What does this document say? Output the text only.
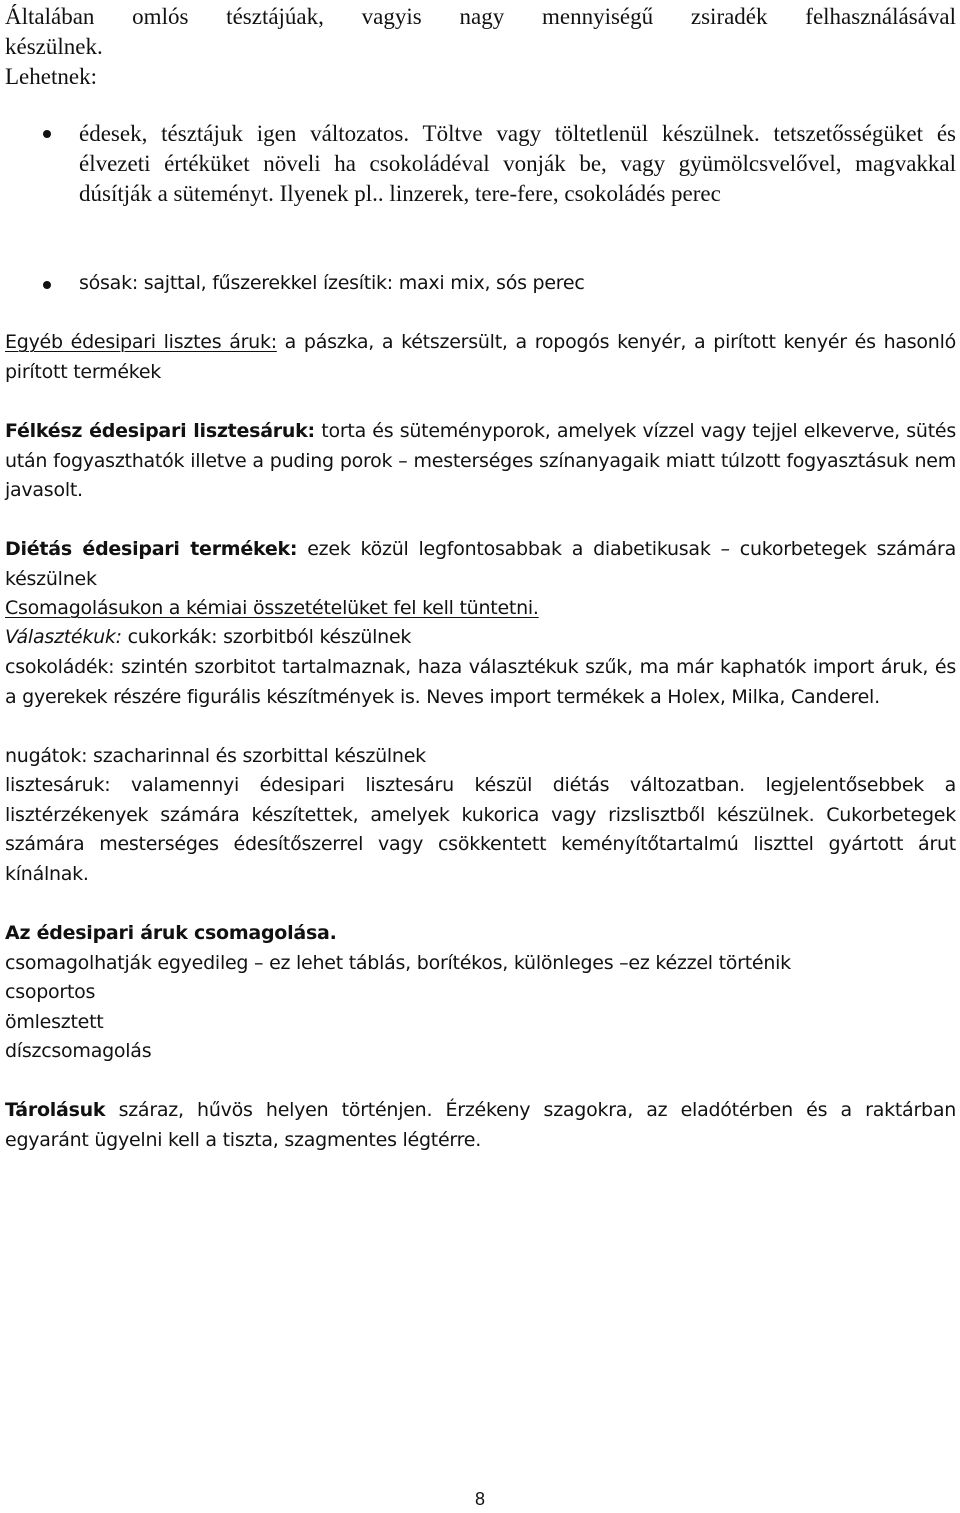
Általában omlós tésztájúak, vagyis nagy mennyiségű zsiradék felhasználásával

készülnek.

Lehetnek:

édesek, tésztájuk igen változatos. Töltve vagy töltetlenül készülnek. tetszetősségüket és élvezeti értéküket növeli ha csokoládéval vonják be, vagy gyümölcsvelővel, magvakkal dúsítják a süteményt. Ilyenek pl.. linzerek, tere-fere, csokoládés perec

sósak: sajttal, fűszerekkel ízesítik: maxi mix, sós perec

Egyéb édesipari lisztes áruk: a pászka, a kétszersült, a ropogós kenyér, a pirított kenyér és hasonló pirított termékek

Félkész édesipari lisztesáruk: torta és süteményporok, amelyek vízzel vagy tejjel elkeverve, sütés után fogyaszthatók illetve a puding porok – mesterséges színanyagaik miatt túlzott fogyasztásuk nem javasolt.

Diétás édesipari termékek: ezek közül legfontosabbak a diabetikusak – cukorbetegek számára készülnek

Csomagolásukon a kémiai összetételüket fel kell tüntetni.

Választékuk: cukorkák: szorbitból készülnek

csokoládék: szintén szorbitot tartalmaznak, haza választékuk szűk, ma már kaphatók import áruk, és a gyerekek részére figurális készítmények is. Neves import termékek a Holex, Milka, Canderel.

nugátok: szacharinnal és szorbittal készülnek

lisztesáruk: valamennyi édesipari lisztesáru készül diétás változatban. legjelentősebbek a lisztérzékenyek számára készítettek, amelyek kukorica vagy rizslisztből készülnek. Cukorbetegek számára mesterséges édesítőszerrel vagy csökkentett keményítőtartalmú liszttel gyártott árut kínálnak.

Az édesipari áruk csomagolása.

csomagolhatják egyedileg – ez lehet táblás, borítékos, különleges –ez kézzel történik

csoportos

ömlesztett

díszcsomagolás

Tárolásuk száraz, hűvös helyen történjen. Érzékeny szagokra, az eladótérben és a raktárban egyaránt ügyelni kell a tiszta, szagmentes légtérre.

8
